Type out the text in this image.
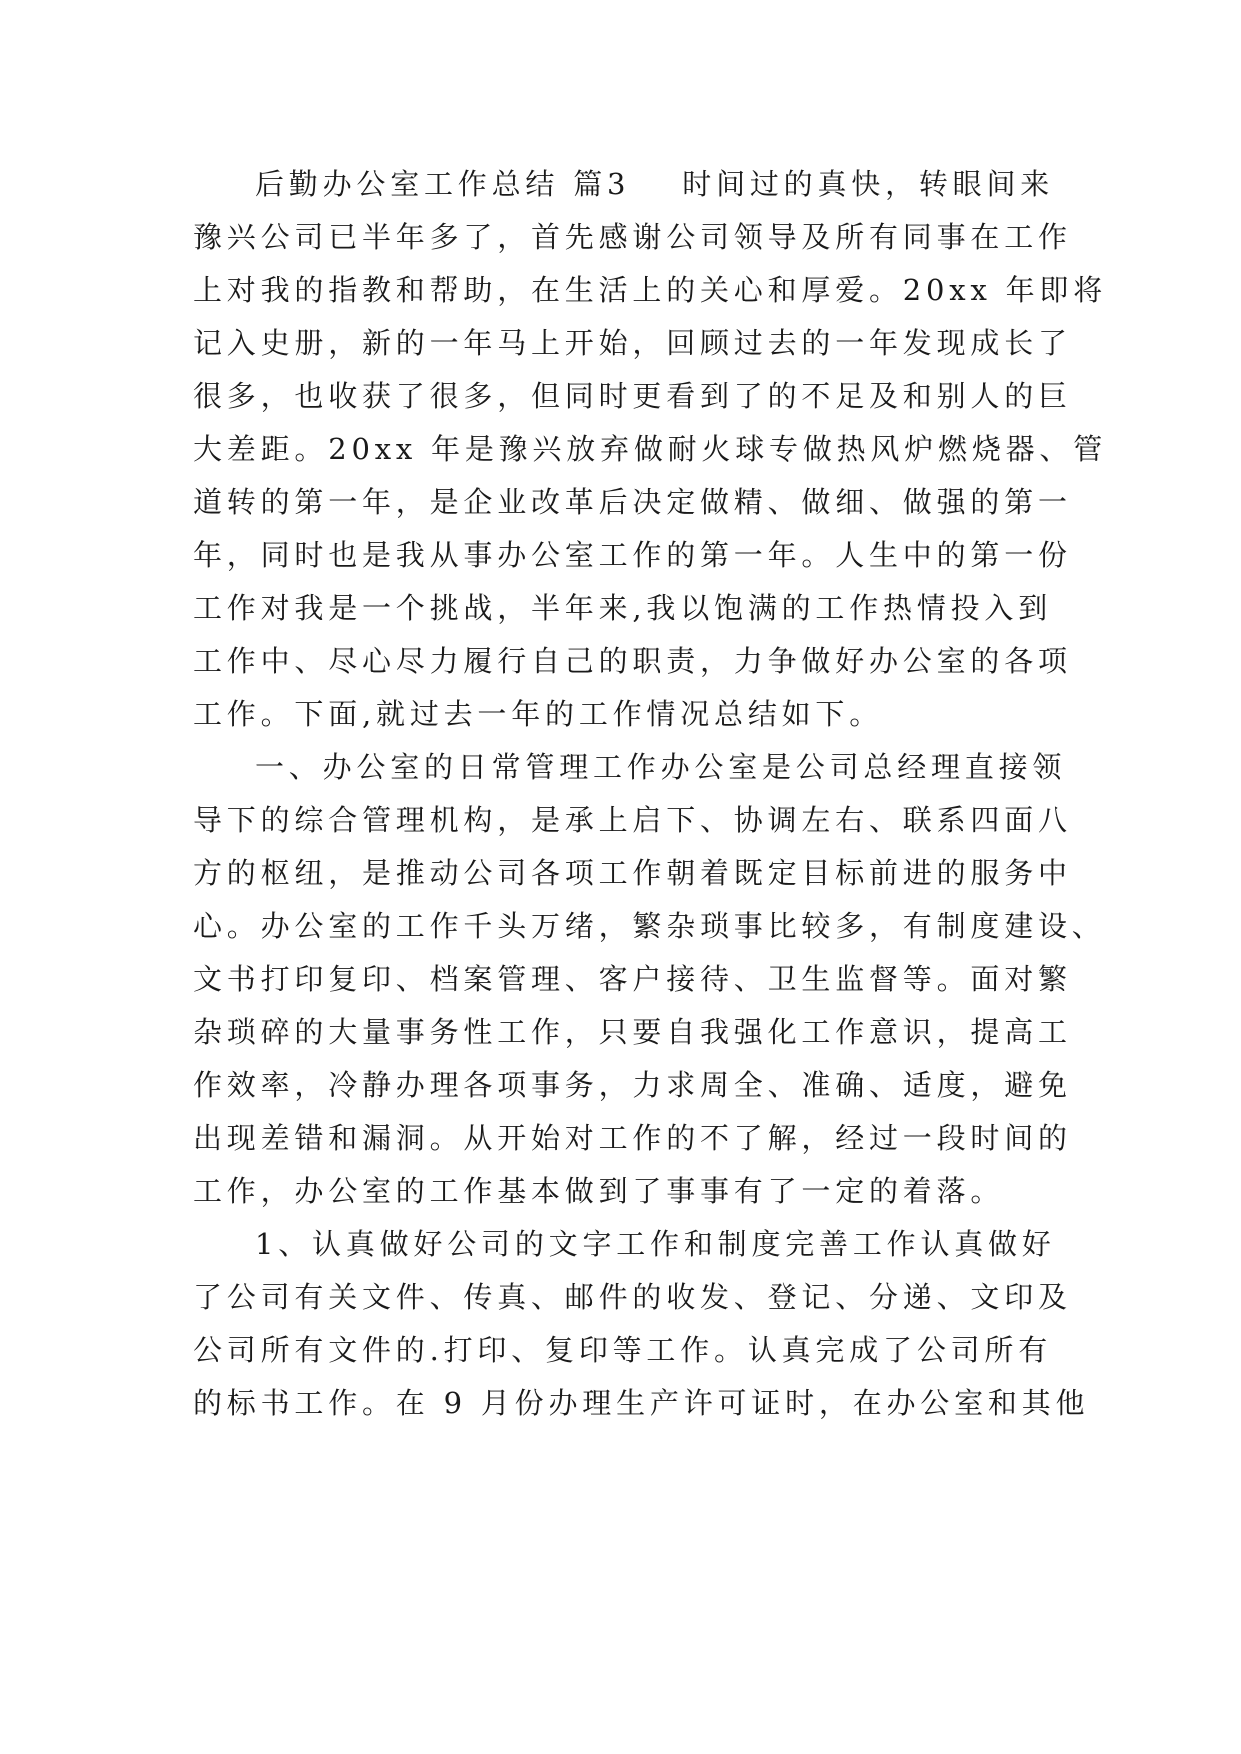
后勤办公室工作总结 篇3 时间过的真快，转眼间来
豫兴公司已半年多了，首先感谢公司领导及所有同事在工作
上对我的指教和帮助，在生活上的关心和厚爱。20xx 年即将
记入史册，新的一年马上开始，回顾过去的一年发现成长了
很多，也收获了很多，但同时更看到了的不足及和别人的巨
大差距。20xx 年是豫兴放弃做耐火球专做热风炉燃烧器、管
道转的第一年，是企业改革后决定做精、做细、做强的第一
年，同时也是我从事办公室工作的第一年。人生中的第一份
工作对我是一个挑战，半年来,我以饱满的工作热情投入到
工作中、尽心尽力履行自己的职责，力争做好办公室的各项
工作。下面,就过去一年的工作情况总结如下。
一、办公室的日常管理工作办公室是公司总经理直接领
导下的综合管理机构，是承上启下、协调左右、联系四面八
方的枢纽，是推动公司各项工作朝着既定目标前进的服务中
心。办公室的工作千头万绪，繁杂琐事比较多，有制度建设、
文书打印复印、档案管理、客户接待、卫生监督等。面对繁
杂琐碎的大量事务性工作，只要自我强化工作意识，提高工
作效率，冷静办理各项事务，力求周全、准确、适度，避免
出现差错和漏洞。从开始对工作的不了解，经过一段时间的
工作，办公室的工作基本做到了事事有了一定的着落。
1、认真做好公司的文字工作和制度完善工作认真做好
了公司有关文件、传真、邮件的收发、登记、分递、文印及
公司所有文件的.打印、复印等工作。认真完成了公司所有
的标书工作。在 9 月份办理生产许可证时，在办公室和其他
